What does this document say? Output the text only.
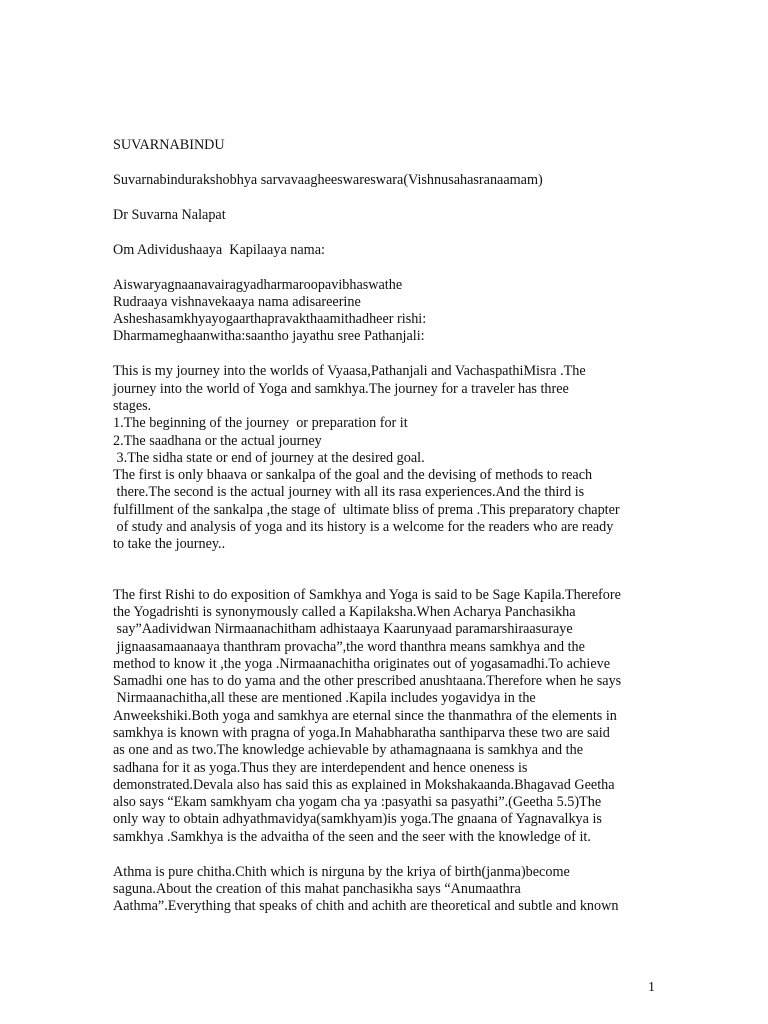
SUVARNABINDU
Suvarnabindurakshobhya sarvavaagheeswareswara(Vishnusahasranaamam)
Dr Suvarna Nalapat
Om Adividushaaya  Kapilaaya nama:
Aiswaryagnaanavairagyadharmaroopavibhaswathe
Rudraaya vishnavekaaya nama adisareerine
Asheshasamkhyayogaarthapravakthaamithadheer rishi:
Dharmameghaanwitha:saantho jayathu sree Pathanjali:
This is my journey into the worlds of Vyaasa,Pathanjali and VachaspathiMisra .The
journey into the world of Yoga and samkhya.The journey for a traveler has three
stages.
1.The beginning of the journey  or preparation for it
2.The saadhana or the actual journey
3.The sidha state or end of journey at the desired goal.
The first is only bhaava or sankalpa of the goal and the devising of methods to reach
there.The second is the actual journey with all its rasa experiences.And the third is
fulfillment of the sankalpa ,the stage of  ultimate bliss of prema .This preparatory chapter
of study and analysis of yoga and its history is a welcome for the readers who are ready
to take the journey..
The first Rishi to do exposition of Samkhya and Yoga is said to be Sage Kapila.Therefore
the Yogadrishti is synonymously called a Kapilaksha.When Acharya Panchasikha
say”Aadividwan Nirmaanachitham adhistaaya Kaarunyaad paramarshiraasuraye
jignaasamaanaaya thanthram provacha”,the word thanthra means samkhya and the
method to know it ,the yoga .Nirmaanachitha originates out of yogasamadhi.To achieve
Samadhi one has to do yama and the other prescribed anushtaana.Therefore when he says
Nirmaanachitha,all these are mentioned .Kapila includes yogavidya in the
Anweekshiki.Both yoga and samkhya are eternal since the thanmathra of the elements in
samkhya is known with pragna of yoga.In Mahabharatha santhiparva these two are said
as one and as two.The knowledge achievable by athamagnaana is samkhya and the
sadhana for it as yoga.Thus they are interdependent and hence oneness is
demonstrated.Devala also has said this as explained in Mokshakaanda.Bhagavad Geetha
also says “Ekam samkhyam cha yogam cha ya :pasyathi sa pasyathi”.(Geetha 5.5)The
only way to obtain adhyathmavidya(samkhyam)is yoga.The gnaana of Yagnavalkya is
samkhya .Samkhya is the advaitha of the seen and the seer with the knowledge of it.
Athma is pure chitha.Chith which is nirguna by the kriya of birth(janma)become
saguna.About the creation of this mahat panchasikha says “Anumaathra
Aathma”.Everything that speaks of chith and achith are theoretical and subtle and known
1
